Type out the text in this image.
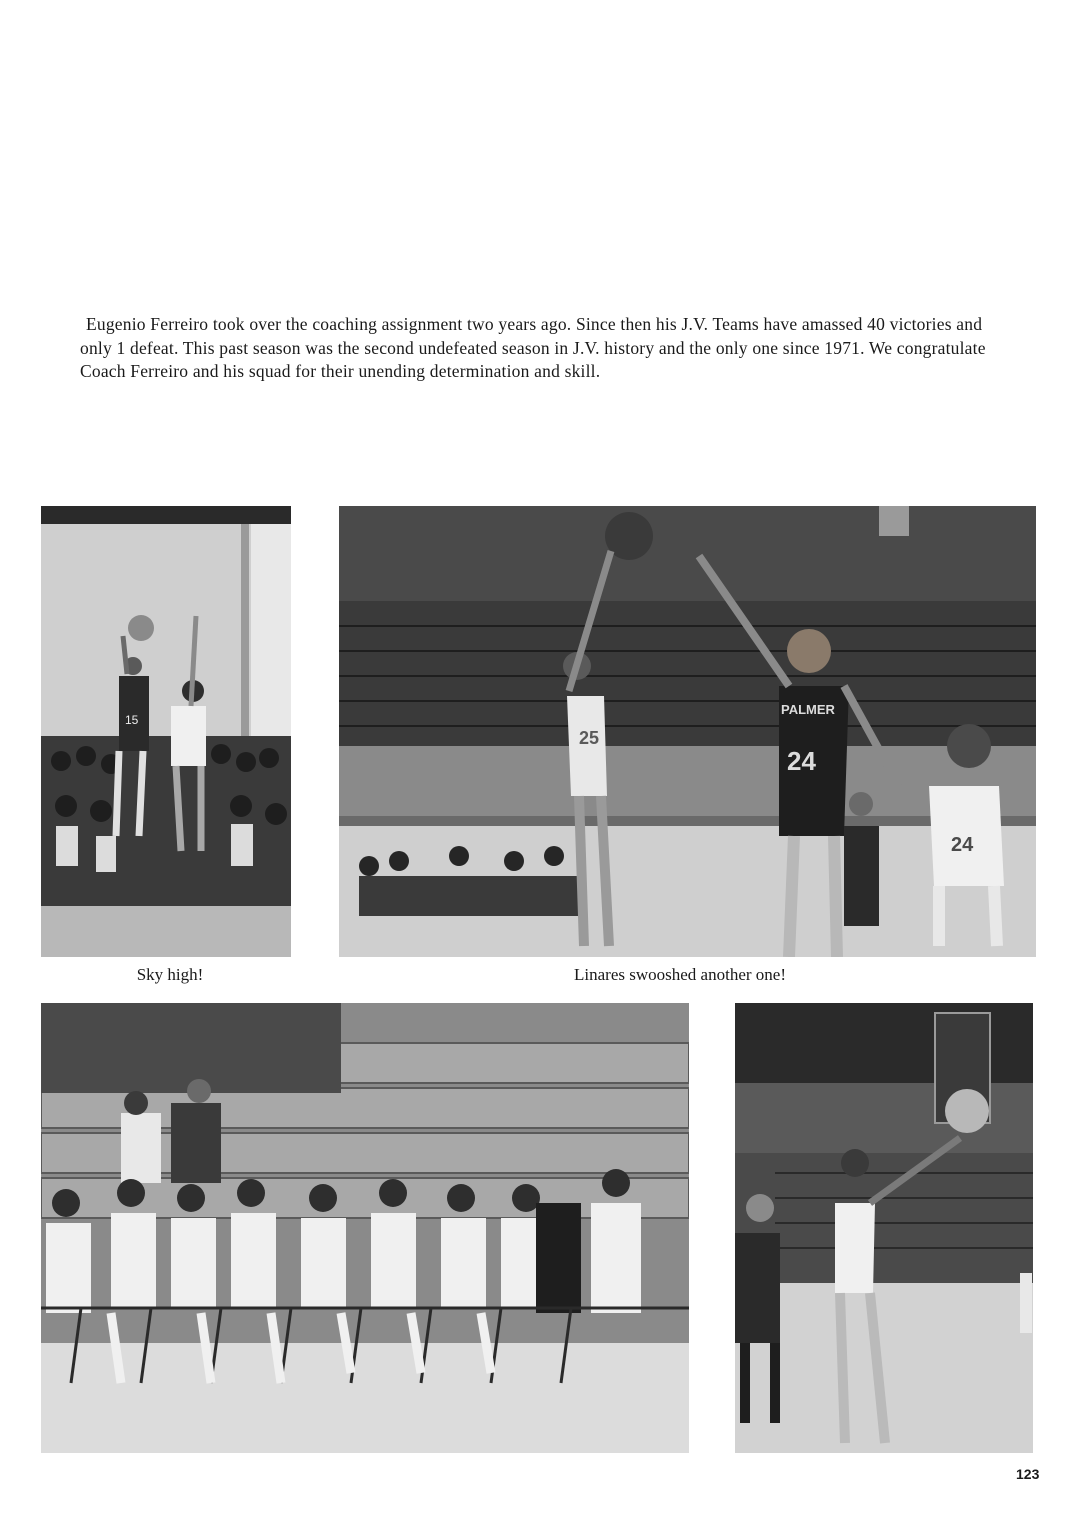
Eugenio Ferreiro took over the coaching assignment two years ago. Since then his J.V. Teams have amassed 40 victories and only 1 defeat. This past season was the second undefeated season in J.V. history and the only one since 1971. We congratulate Coach Ferreiro and his squad for their unending determination and skill.

15

Sky high!

25
PALMER
24
24

Linares swooshed another one!

123
